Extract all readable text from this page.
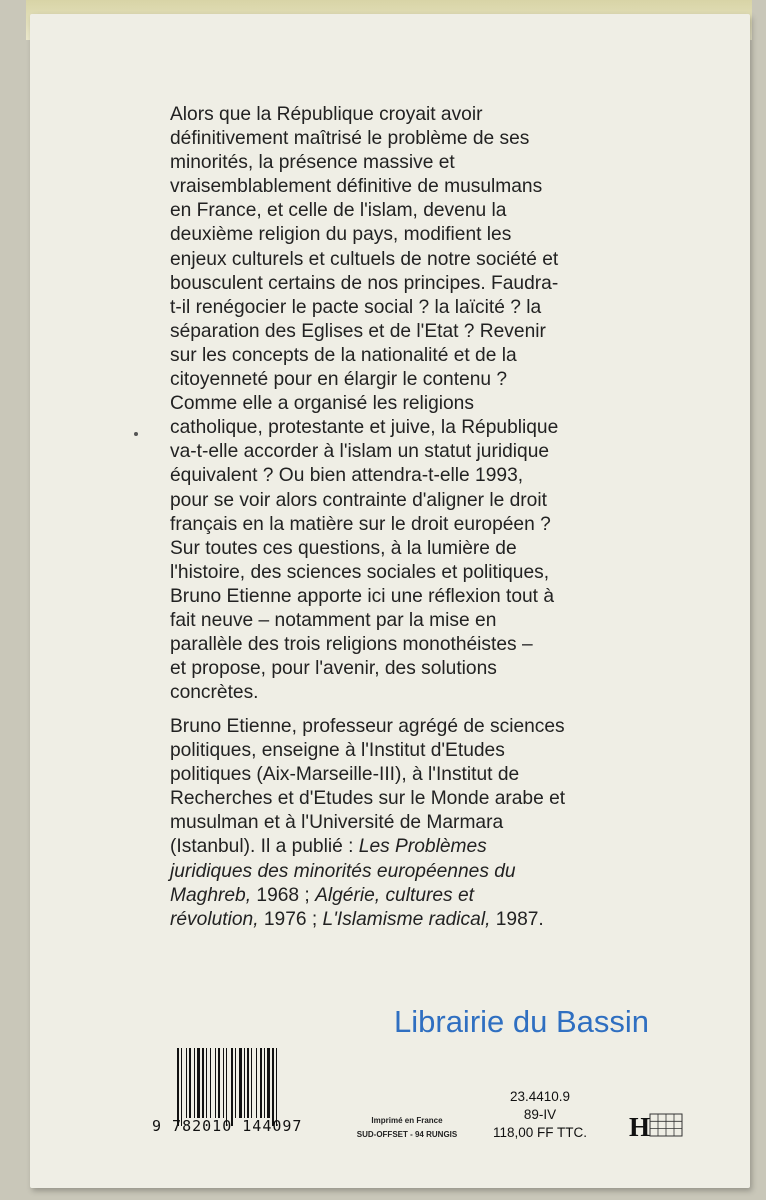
Alors que la République croyait avoir
définitivement maîtrisé le problème de ses
minorités, la présence massive et
vraisemblablement définitive de musulmans
en France, et celle de l'islam, devenu la
deuxième religion du pays, modifient les
enjeux culturels et cultuels de notre société et
bousculent certains de nos principes. Faudra-
t-il renégocier le pacte social ? la laïcité ? la
séparation des Eglises et de l'Etat ? Revenir
sur les concepts de la nationalité et de la
citoyenneté pour en élargir le contenu ?
Comme elle a organisé les religions
catholique, protestante et juive, la République
va-t-elle accorder à l'islam un statut juridique
équivalent ? Ou bien attendra-t-elle 1993,
pour se voir alors contrainte d'aligner le droit
français en la matière sur le droit européen ?
Sur toutes ces questions, à la lumière de
l'histoire, des sciences sociales et politiques,
Bruno Etienne apporte ici une réflexion tout à
fait neuve – notamment par la mise en
parallèle des trois religions monothéistes –
et propose, pour l'avenir, des solutions
concrètes.

Bruno Etienne, professeur agrégé de sciences
politiques, enseigne à l'Institut d'Etudes
politiques (Aix-Marseille-III), à l'Institut de
Recherches et d'Etudes sur le Monde arabe et
musulman et à l'Université de Marmara
(Istanbul). Il a publié : Les Problèmes
juridiques des minorités européennes du
Maghreb, 1968 ; Algérie, cultures et
révolution, 1976 ; L'Islamisme radical, 1987.

Librairie du Bassin
9 782010 144097	Imprimé en France
SUD-OFFSET - 94 RUNGIS
23.4410.9
89-IV
118,00 FF TTC.	H
